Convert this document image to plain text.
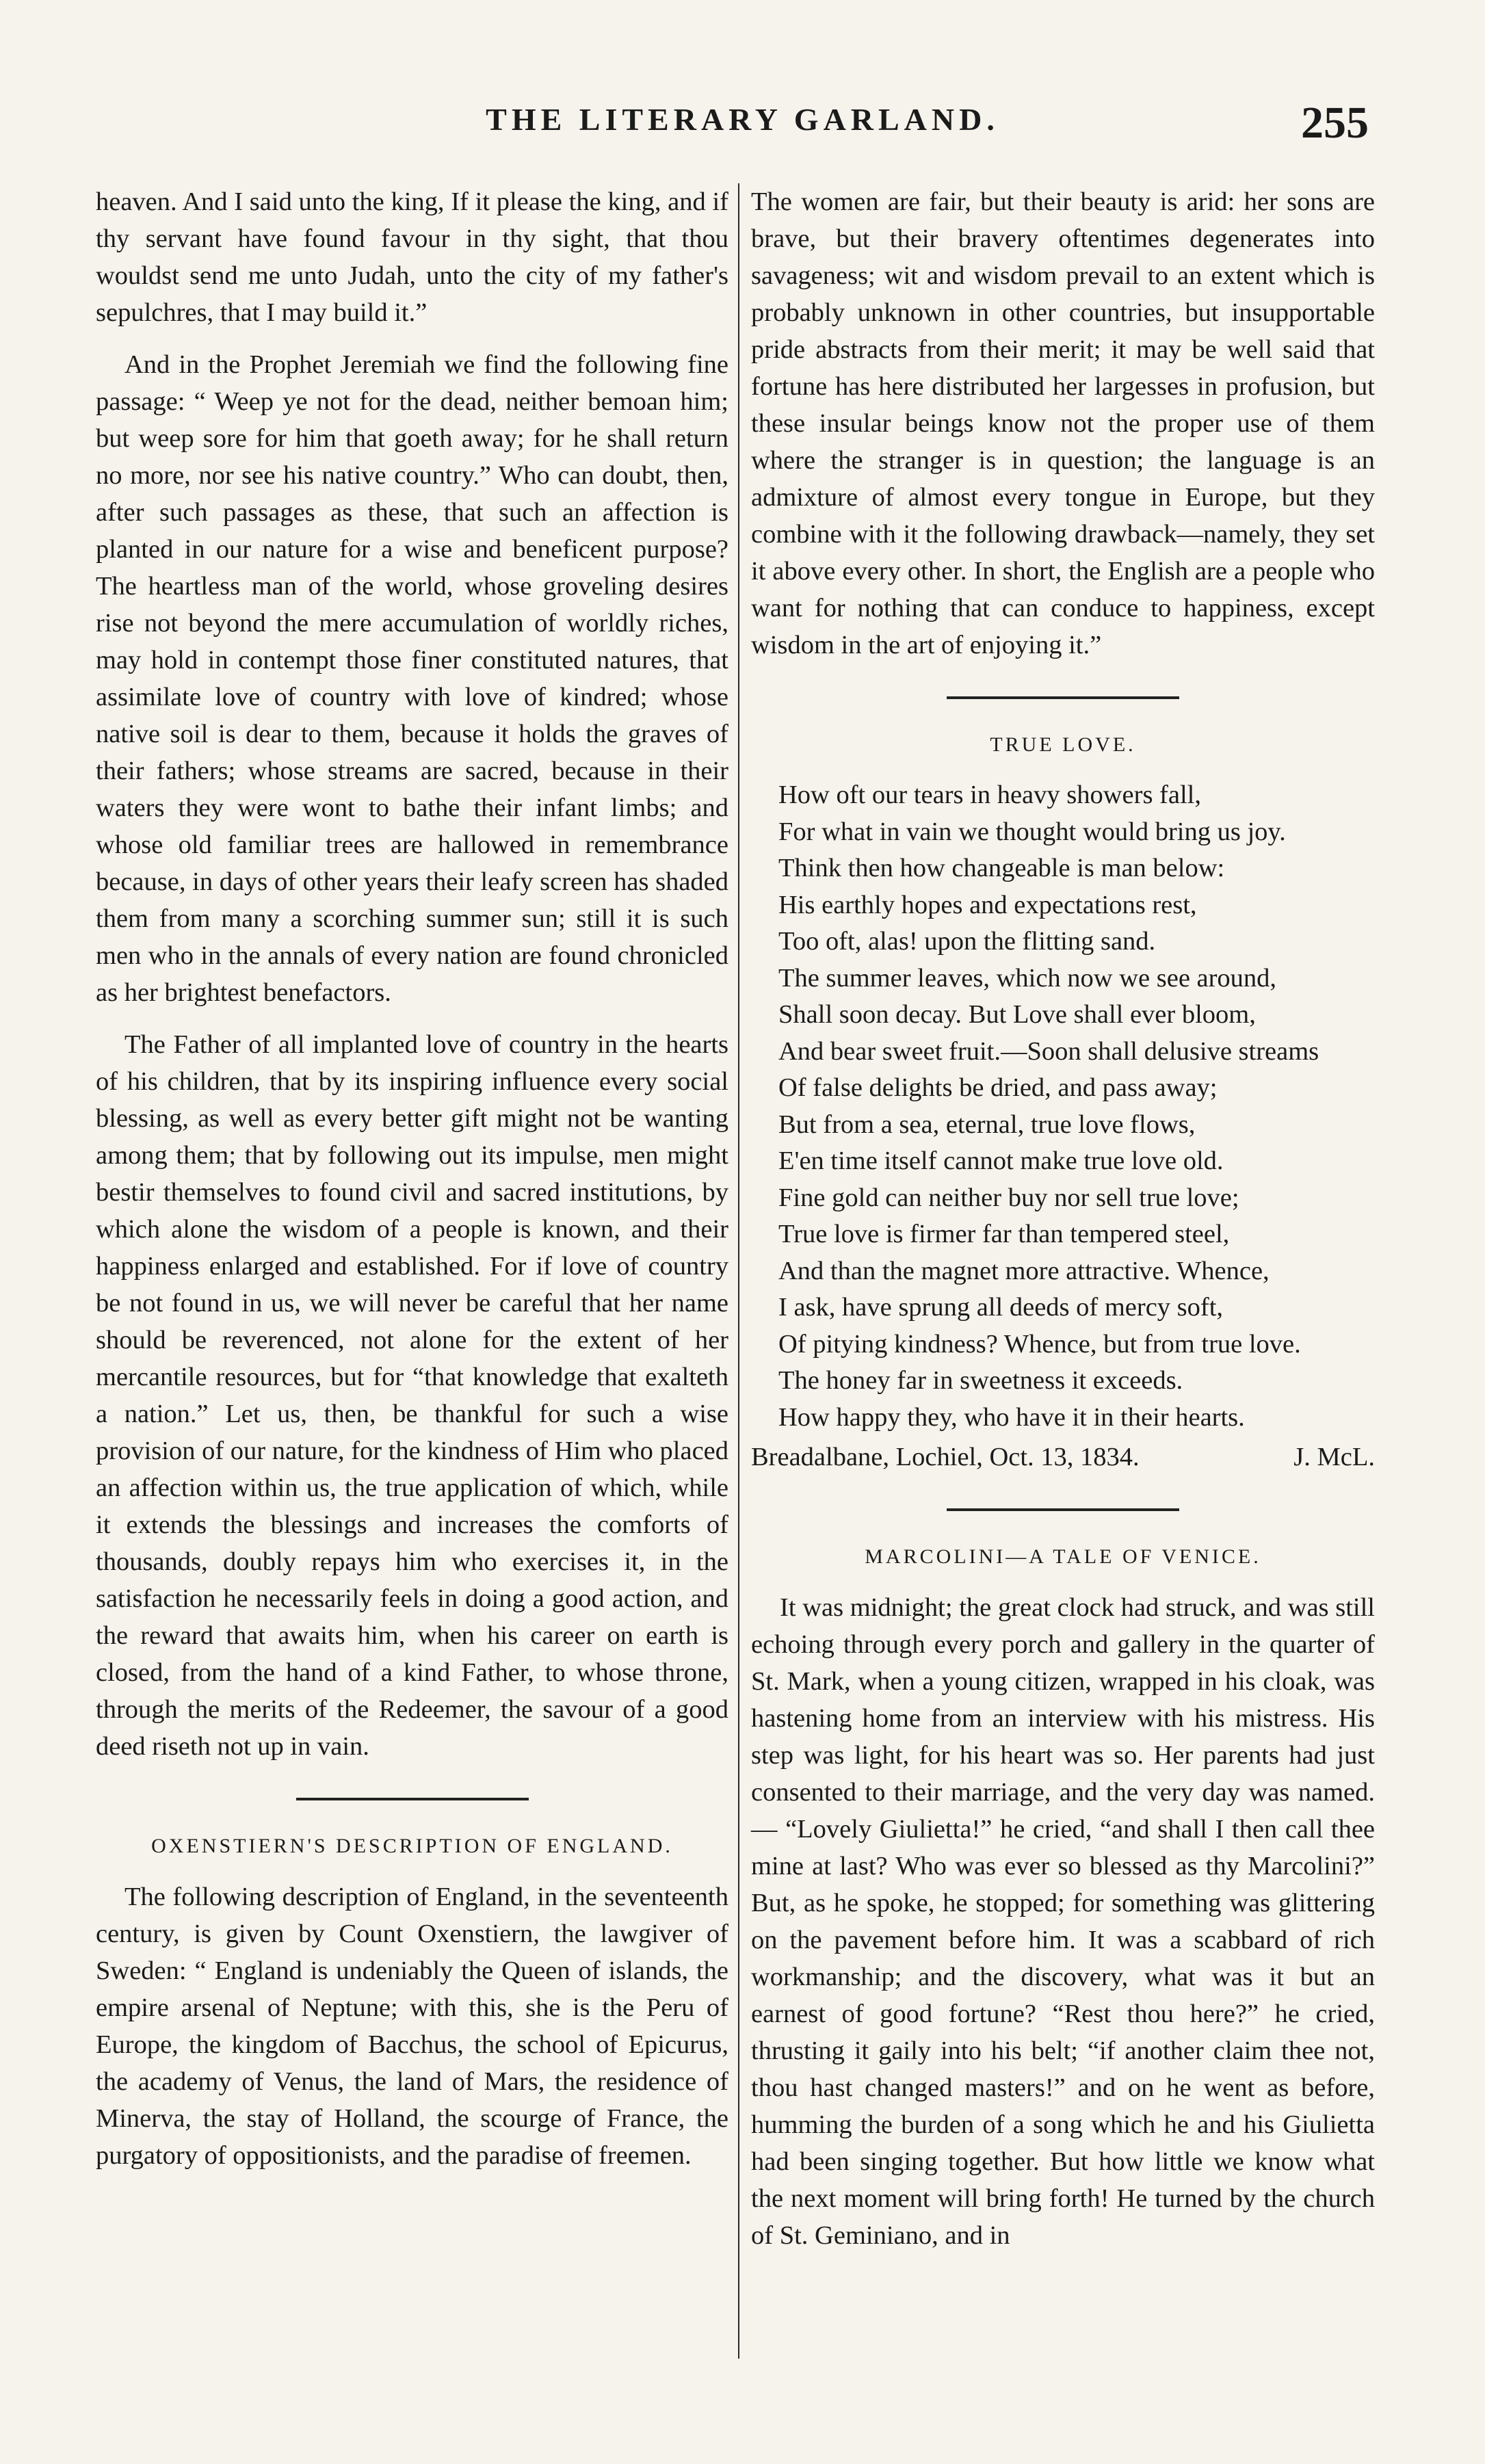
THE LITERARY GARLAND.	255

heaven. And I said unto the king, If it please the king, and if thy servant have found favour in thy sight, that thou wouldst send me unto Judah, unto the city of my father's sepulchres, that I may build it.”

And in the Prophet Jeremiah we find the following fine passage: “ Weep ye not for the dead, neither bemoan him; but weep sore for him that goeth away; for he shall return no more, nor see his native country.” Who can doubt, then, after such passages as these, that such an affection is planted in our nature for a wise and beneficent purpose? The heartless man of the world, whose groveling desires rise not beyond the mere accumulation of worldly riches, may hold in contempt those finer constituted natures, that assimilate love of country with love of kindred; whose native soil is dear to them, because it holds the graves of their fathers; whose streams are sacred, because in their waters they were wont to bathe their infant limbs; and whose old familiar trees are hallowed in remembrance because, in days of other years their leafy screen has shaded them from many a scorching summer sun; still it is such men who in the annals of every nation are found chronicled as her brightest benefactors.

The Father of all implanted love of country in the hearts of his children, that by its inspiring influence every social blessing, as well as every better gift might not be wanting among them; that by following out its impulse, men might bestir themselves to found civil and sacred institutions, by which alone the wisdom of a people is known, and their happiness enlarged and established. For if love of country be not found in us, we will never be careful that her name should be reverenced, not alone for the extent of her mercantile resources, but for “that knowledge that exalteth a nation.” Let us, then, be thankful for such a wise provision of our nature, for the kindness of Him who placed an affection within us, the true application of which, while it extends the blessings and increases the comforts of thousands, doubly repays him who exercises it, in the satisfaction he necessarily feels in doing a good action, and the reward that awaits him, when his career on earth is closed, from the hand of a kind Father, to whose throne, through the merits of the Redeemer, the savour of a good deed riseth not up in vain.

OXENSTIERN'S DESCRIPTION OF ENGLAND.

The following description of England, in the seventeenth century, is given by Count Oxenstiern, the lawgiver of Sweden: “ England is undeniably the Queen of islands, the empire arsenal of Neptune; with this, she is the Peru of Europe, the kingdom of Bacchus, the school of Epicurus, the academy of Venus, the land of Mars, the residence of Minerva, the stay of Holland, the scourge of France, the purgatory of oppositionists, and the paradise of freemen.

The women are fair, but their beauty is arid: her sons are brave, but their bravery oftentimes degenerates into savageness; wit and wisdom prevail to an extent which is probably unknown in other countries, but insupportable pride abstracts from their merit; it may be well said that fortune has here distributed her largesses in profusion, but these insular beings know not the proper use of them where the stranger is in question; the language is an admixture of almost every tongue in Europe, but they combine with it the following drawback—namely, they set it above every other. In short, the English are a people who want for nothing that can conduce to happiness, except wisdom in the art of enjoying it.”

TRUE LOVE.
How oft our tears in heavy showers fall,
For what in vain we thought would bring us joy.
Think then how changeable is man below:
His earthly hopes and expectations rest,
Too oft, alas! upon the flitting sand.
The summer leaves, which now we see around,
Shall soon decay. But Love shall ever bloom,
And bear sweet fruit.—Soon shall delusive streams
Of false delights be dried, and pass away;
But from a sea, eternal, true love flows,
E'en time itself cannot make true love old.
Fine gold can neither buy nor sell true love;
True love is firmer far than tempered steel,
And than the magnet more attractive. Whence,
I ask, have sprung all deeds of mercy soft,
Of pitying kindness? Whence, but from true love.
The honey far in sweetness it exceeds.
How happy they, who have it in their hearts.
Breadalbane, Lochiel, Oct. 13, 1834.	J. McL.
MARCOLINI—A TALE OF VENICE.

It was midnight; the great clock had struck, and was still echoing through every porch and gallery in the quarter of St. Mark, when a young citizen, wrapped in his cloak, was hastening home from an interview with his mistress. His step was light, for his heart was so. Her parents had just consented to their marriage, and the very day was named.— “Lovely Giulietta!” he cried, “and shall I then call thee mine at last? Who was ever so blessed as thy Marcolini?” But, as he spoke, he stopped; for something was glittering on the pavement before him. It was a scabbard of rich workmanship; and the discovery, what was it but an earnest of good fortune? “Rest thou here?” he cried, thrusting it gaily into his belt; “if another claim thee not, thou hast changed masters!” and on he went as before, humming the burden of a song which he and his Giulietta had been singing together. But how little we know what the next moment will bring forth! He turned by the church of St. Geminiano, and in
